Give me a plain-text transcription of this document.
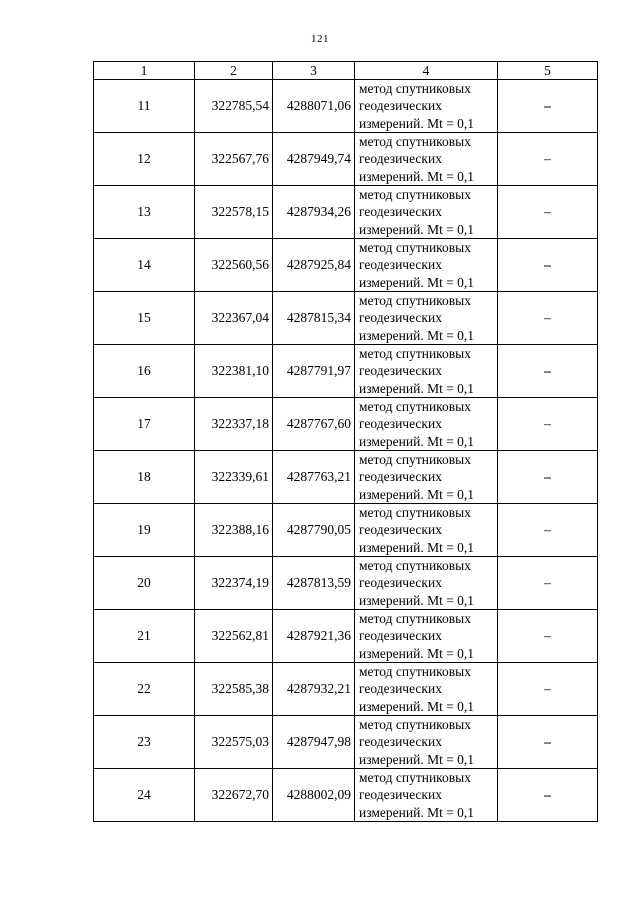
121
1	2	3	4	5
11	322785,54	4288071,06	метод спутниковых
геодезических
измерений. Mt = 0,1	–
12	322567,76	4287949,74	метод спутниковых
геодезических
измерений. Mt = 0,1	–
13	322578,15	4287934,26	метод спутниковых
геодезических
измерений. Mt = 0,1	–
14	322560,56	4287925,84	метод спутниковых
геодезических
измерений. Mt = 0,1	–
15	322367,04	4287815,34	метод спутниковых
геодезических
измерений. Mt = 0,1	–
16	322381,10	4287791,97	метод спутниковых
геодезических
измерений. Mt = 0,1	–
17	322337,18	4287767,60	метод спутниковых
геодезических
измерений. Mt = 0,1	–
18	322339,61	4287763,21	метод спутниковых
геодезических
измерений. Mt = 0,1	–
19	322388,16	4287790,05	метод спутниковых
геодезических
измерений. Mt = 0,1	–
20	322374,19	4287813,59	метод спутниковых
геодезических
измерений. Mt = 0,1	–
21	322562,81	4287921,36	метод спутниковых
геодезических
измерений. Mt = 0,1	–
22	322585,38	4287932,21	метод спутниковых
геодезических
измерений. Mt = 0,1	–
23	322575,03	4287947,98	метод спутниковых
геодезических
измерений. Mt = 0,1	–
24	322672,70	4288002,09	метод спутниковых
геодезических
измерений. Mt = 0,1	–
